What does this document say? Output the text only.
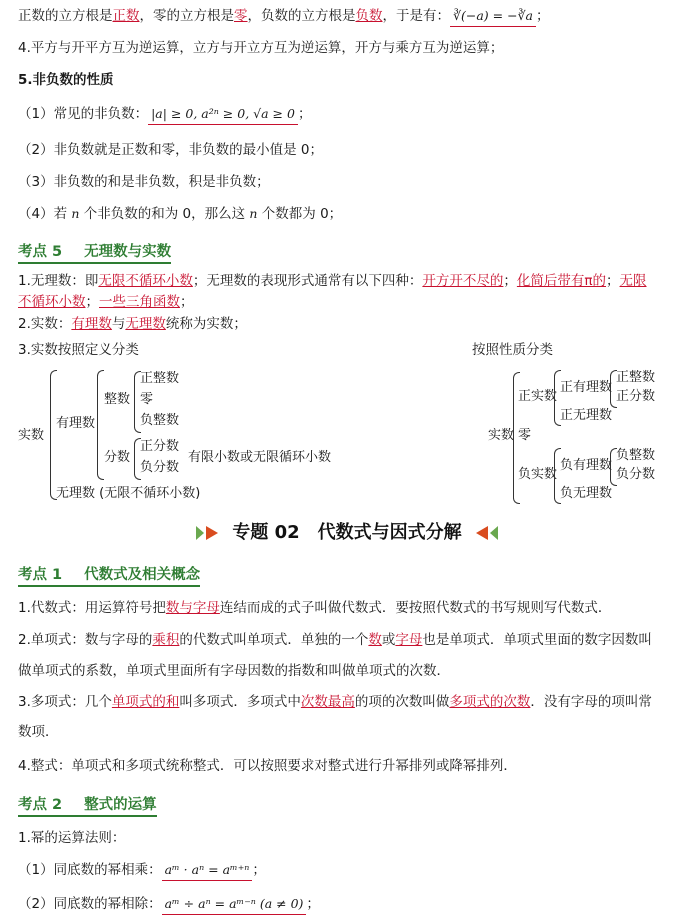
正数的立方根是正数，零的立方根是零，负数的立方根是负数，于是有： ∛(−a) = −∛a ；
4.平方与开平方互为逆运算，立方与开立方互为逆运算，开方与乘方互为逆运算；
5.非负数的性质
（1）常见的非负数： |a| ≥ 0, a²ⁿ ≥ 0, √a ≥ 0 ；
（2）非负数就是正数和零，非负数的最小值是 0；
（3）非负数的和是非负数，积是非负数；
（4）若 n 个非负数的和为 0，那么这 n 个数都为 0；
考点 5 无理数与实数
1.无理数：即无限不循环小数；无理数的表现形式通常有以下四种：开方开不尽的；化简后带有π的；无限
不循环小数；一些三角函数；
2.实数：有理数与无理数统称为实数；
3.实数按照定义分类	按照性质分类
实数
有理数
整数
正整数
零
负整数
分数
正分数
负分数
有限小数或无限循环小数
无理数 (无限不循环小数)
实数
正实数
正有理数
正整数
正分数
正无理数
零
负实数
负有理数
负整数
负分数
负无理数
专题 02　代数式与因式分解
考点 1 代数式及相关概念
1.代数式：用运算符号把数与字母连结而成的式子叫做代数式．要按照代数式的书写规则写代数式．
2.单项式：数与字母的乘积的代数式叫单项式．单独的一个数或字母也是单项式．单项式里面的数字因数叫
做单项式的系数，单项式里面所有字母因数的指数和叫做单项式的次数．
3.多项式：几个单项式的和叫多项式．多项式中次数最高的项的次数叫做多项式的次数．没有字母的项叫常
数项．
4.整式：单项式和多项式统称整式．可以按照要求对整式进行升幂排列或降幂排列．
考点 2 整式的运算
1.幂的运算法则：
（1）同底数的幂相乘： aᵐ · aⁿ = aᵐ⁺ⁿ ；
（2）同底数的幂相除： aᵐ ÷ aⁿ = aᵐ⁻ⁿ (a ≠ 0) ；
